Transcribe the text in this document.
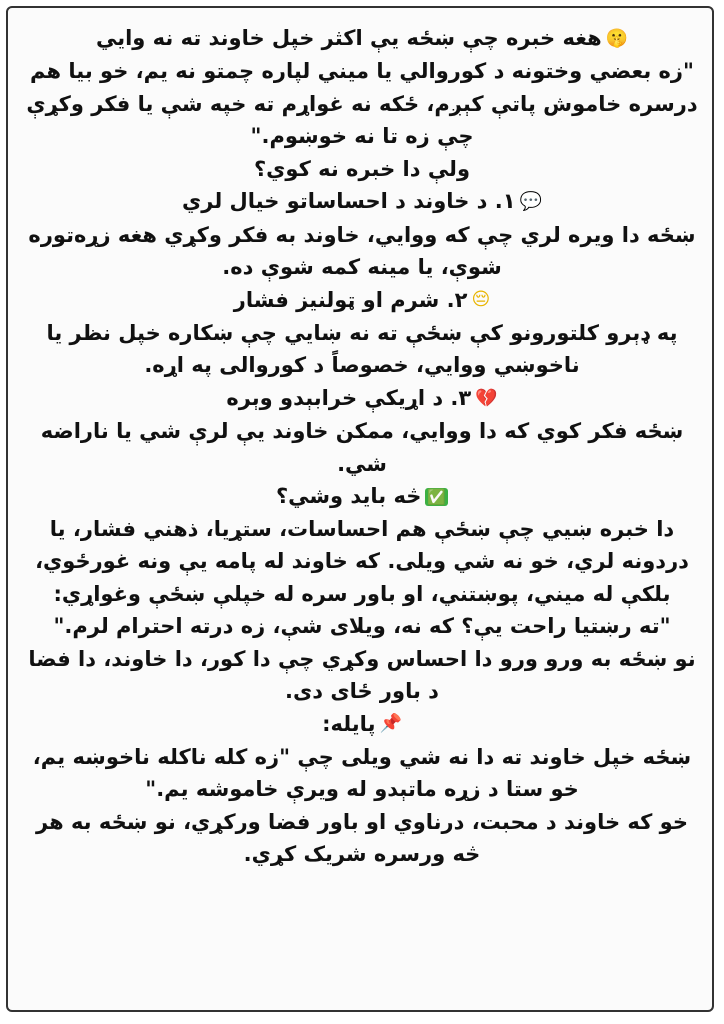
🤫هغه خبره چې ښځه یې اکثر خپل خاوند ته نه وایي
"زه بعضي وختونه د کوروالي یا میني لپاره چمتو نه یم، خو بیا هم
درسره خاموش پاتې کېږم، ځکه نه غواړم ته خپه شې یا فکر وکړې
چې زه تا نه خوښوم."
ولې دا خبره نه کوي؟
💬١. د خاوند د احساساتو خیال لري
ښځه دا ویره لري چې که ووايي، خاوند به فکر وکړي هغه زړه‌توره
شوې، یا مینه کمه شوې ده.
😔٢. شرم او ټولنیز فشار
په ډېرو کلتورونو کې ښځې ته نه ښايي چې ښکاره خپل نظر یا
ناخوښي ووایي، خصوصاً د کوروالی په اړه.
💔٣. د اړیکې خرابېدو وېره
ښځه فکر کوي که دا ووایي، ممکن خاوند یې لرې شي یا ناراضه
شي.
✅څه باید وشي؟
دا خبره ښيي چې ښځې هم احساسات، ستړیا، ذهني فشار، یا
دردونه لري، خو نه شي ویلی. که خاوند له پامه یې ونه غورځوي،
بلکې له میني، پوښتني، او باور سره له خپلې ښځې وغواړي:
"ته رښتیا راحت یې؟ که نه، ویلای شې، زه درته احترام لرم."
نو ښځه به ورو ورو دا احساس وکړي چې دا کور، دا خاوند، دا فضا
د باور ځای دی.
📌پایله:
ښځه خپل خاوند ته دا نه شي ویلی چې "زه کله ناکله ناخوښه یم،
خو ستا د زړه ماتېدو له ویرې خاموشه یم."
خو که خاوند د محبت، درناوي او باور فضا ورکړي، نو ښځه به هر
څه ورسره شریک کړي.
